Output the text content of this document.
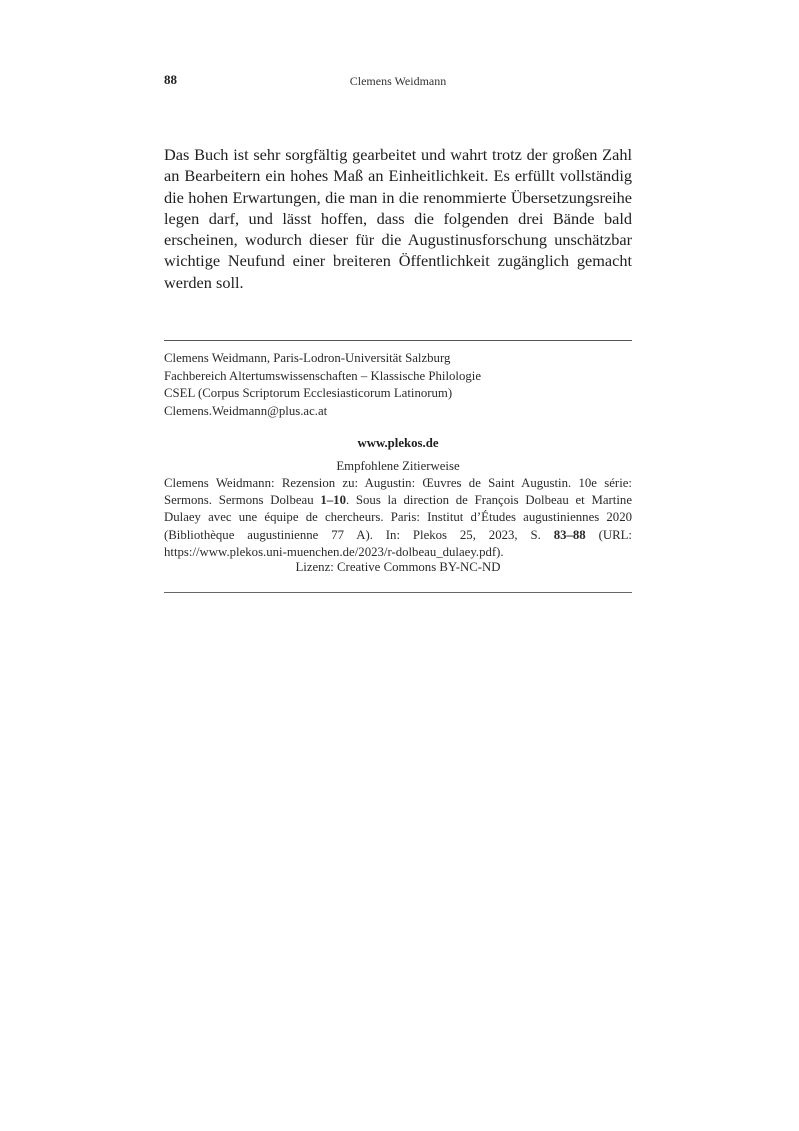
88	Clemens Weidmann

Das Buch ist sehr sorgfältig gearbeitet und wahrt trotz der großen Zahl an Bearbeitern ein hohes Maß an Einheitlichkeit. Es erfüllt vollständig die hohen Erwartungen, die man in die renommierte Übersetzungsreihe legen darf, und lässt hoffen, dass die folgenden drei Bände bald erscheinen, wodurch dieser für die Augustinusforschung unschätzbar wichtige Neufund einer breiteren Öffentlichkeit zugänglich gemacht werden soll.

Clemens Weidmann, Paris-Lodron-Universität Salzburg
Fachbereich Altertumswissenschaften – Klassische Philologie
CSEL (Corpus Scriptorum Ecclesiasticorum Latinorum)
Clemens.Weidmann@plus.ac.at
www.plekos.de
Empfohlene Zitierweise

Clemens Weidmann: Rezension zu: Augustin: Œuvres de Saint Augustin. 10e série: Sermons. Sermons Dolbeau 1–10. Sous la direction de François Dolbeau et Martine Dulaey avec une équipe de chercheurs. Paris: Institut d’Études augustiniennes 2020 (Bibliothèque augustinienne 77 A). In: Plekos 25, 2023, S. 83–88 (URL: https://www.plekos.uni-muenchen.de/2023/r-dolbeau_dulaey.pdf).

Lizenz: Creative Commons BY-NC-ND
